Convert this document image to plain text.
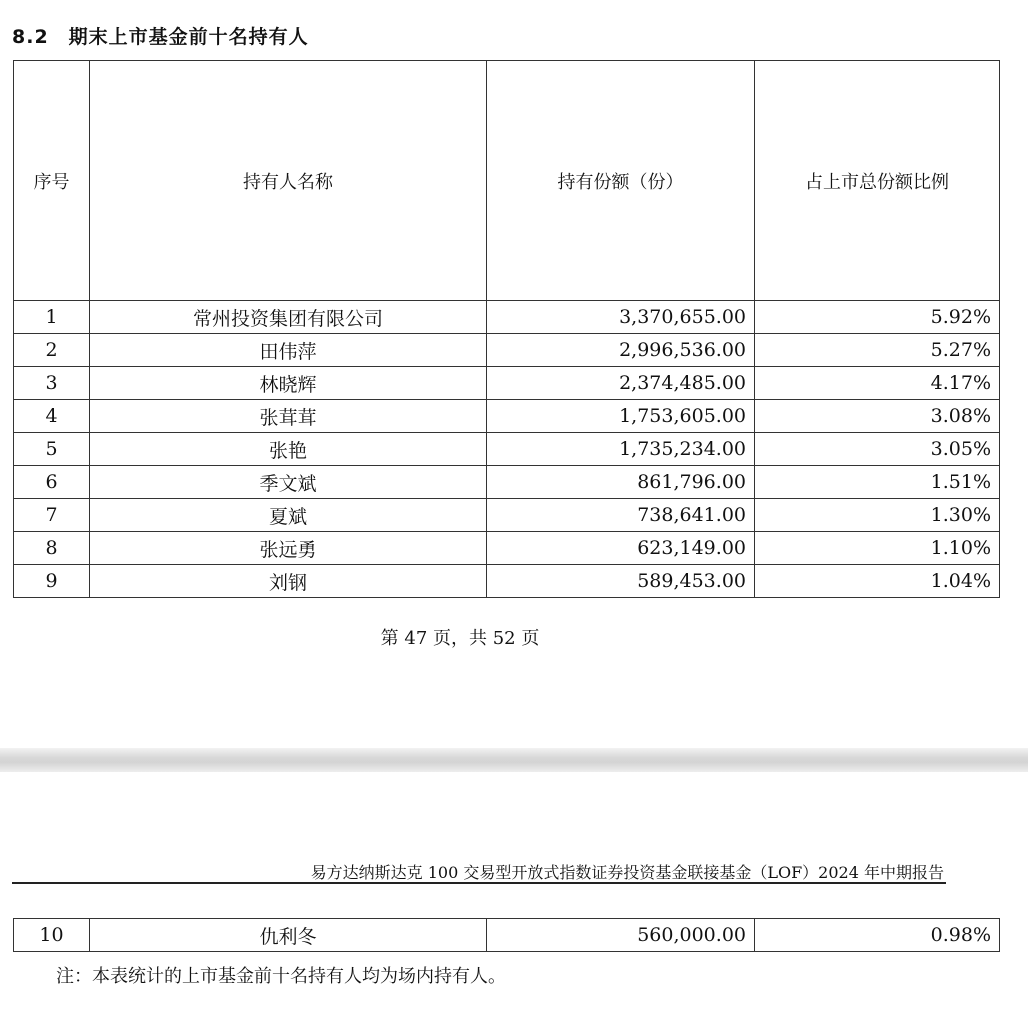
8.2　期末上市基金前十名持有人
序号	持有人名称	持有份额（份）	占上市总份额比例
1	常州投资集团有限公司	3,370,655.00	5.92%
2	田伟萍	2,996,536.00	5.27%
3	林晓辉	2,374,485.00	4.17%
4	张茸茸	1,753,605.00	3.08%
5	张艳	1,735,234.00	3.05%
6	季文斌	861,796.00	1.51%
7	夏斌	738,641.00	1.30%
8	张远勇	623,149.00	1.10%
9	刘钢	589,453.00	1.04%
第 47 页，共 52 页
易方达纳斯达克 100 交易型开放式指数证券投资基金联接基金（LOF）2024 年中期报告
10	仇利冬	560,000.00	0.98%
注：本表统计的上市基金前十名持有人均为场内持有人。
